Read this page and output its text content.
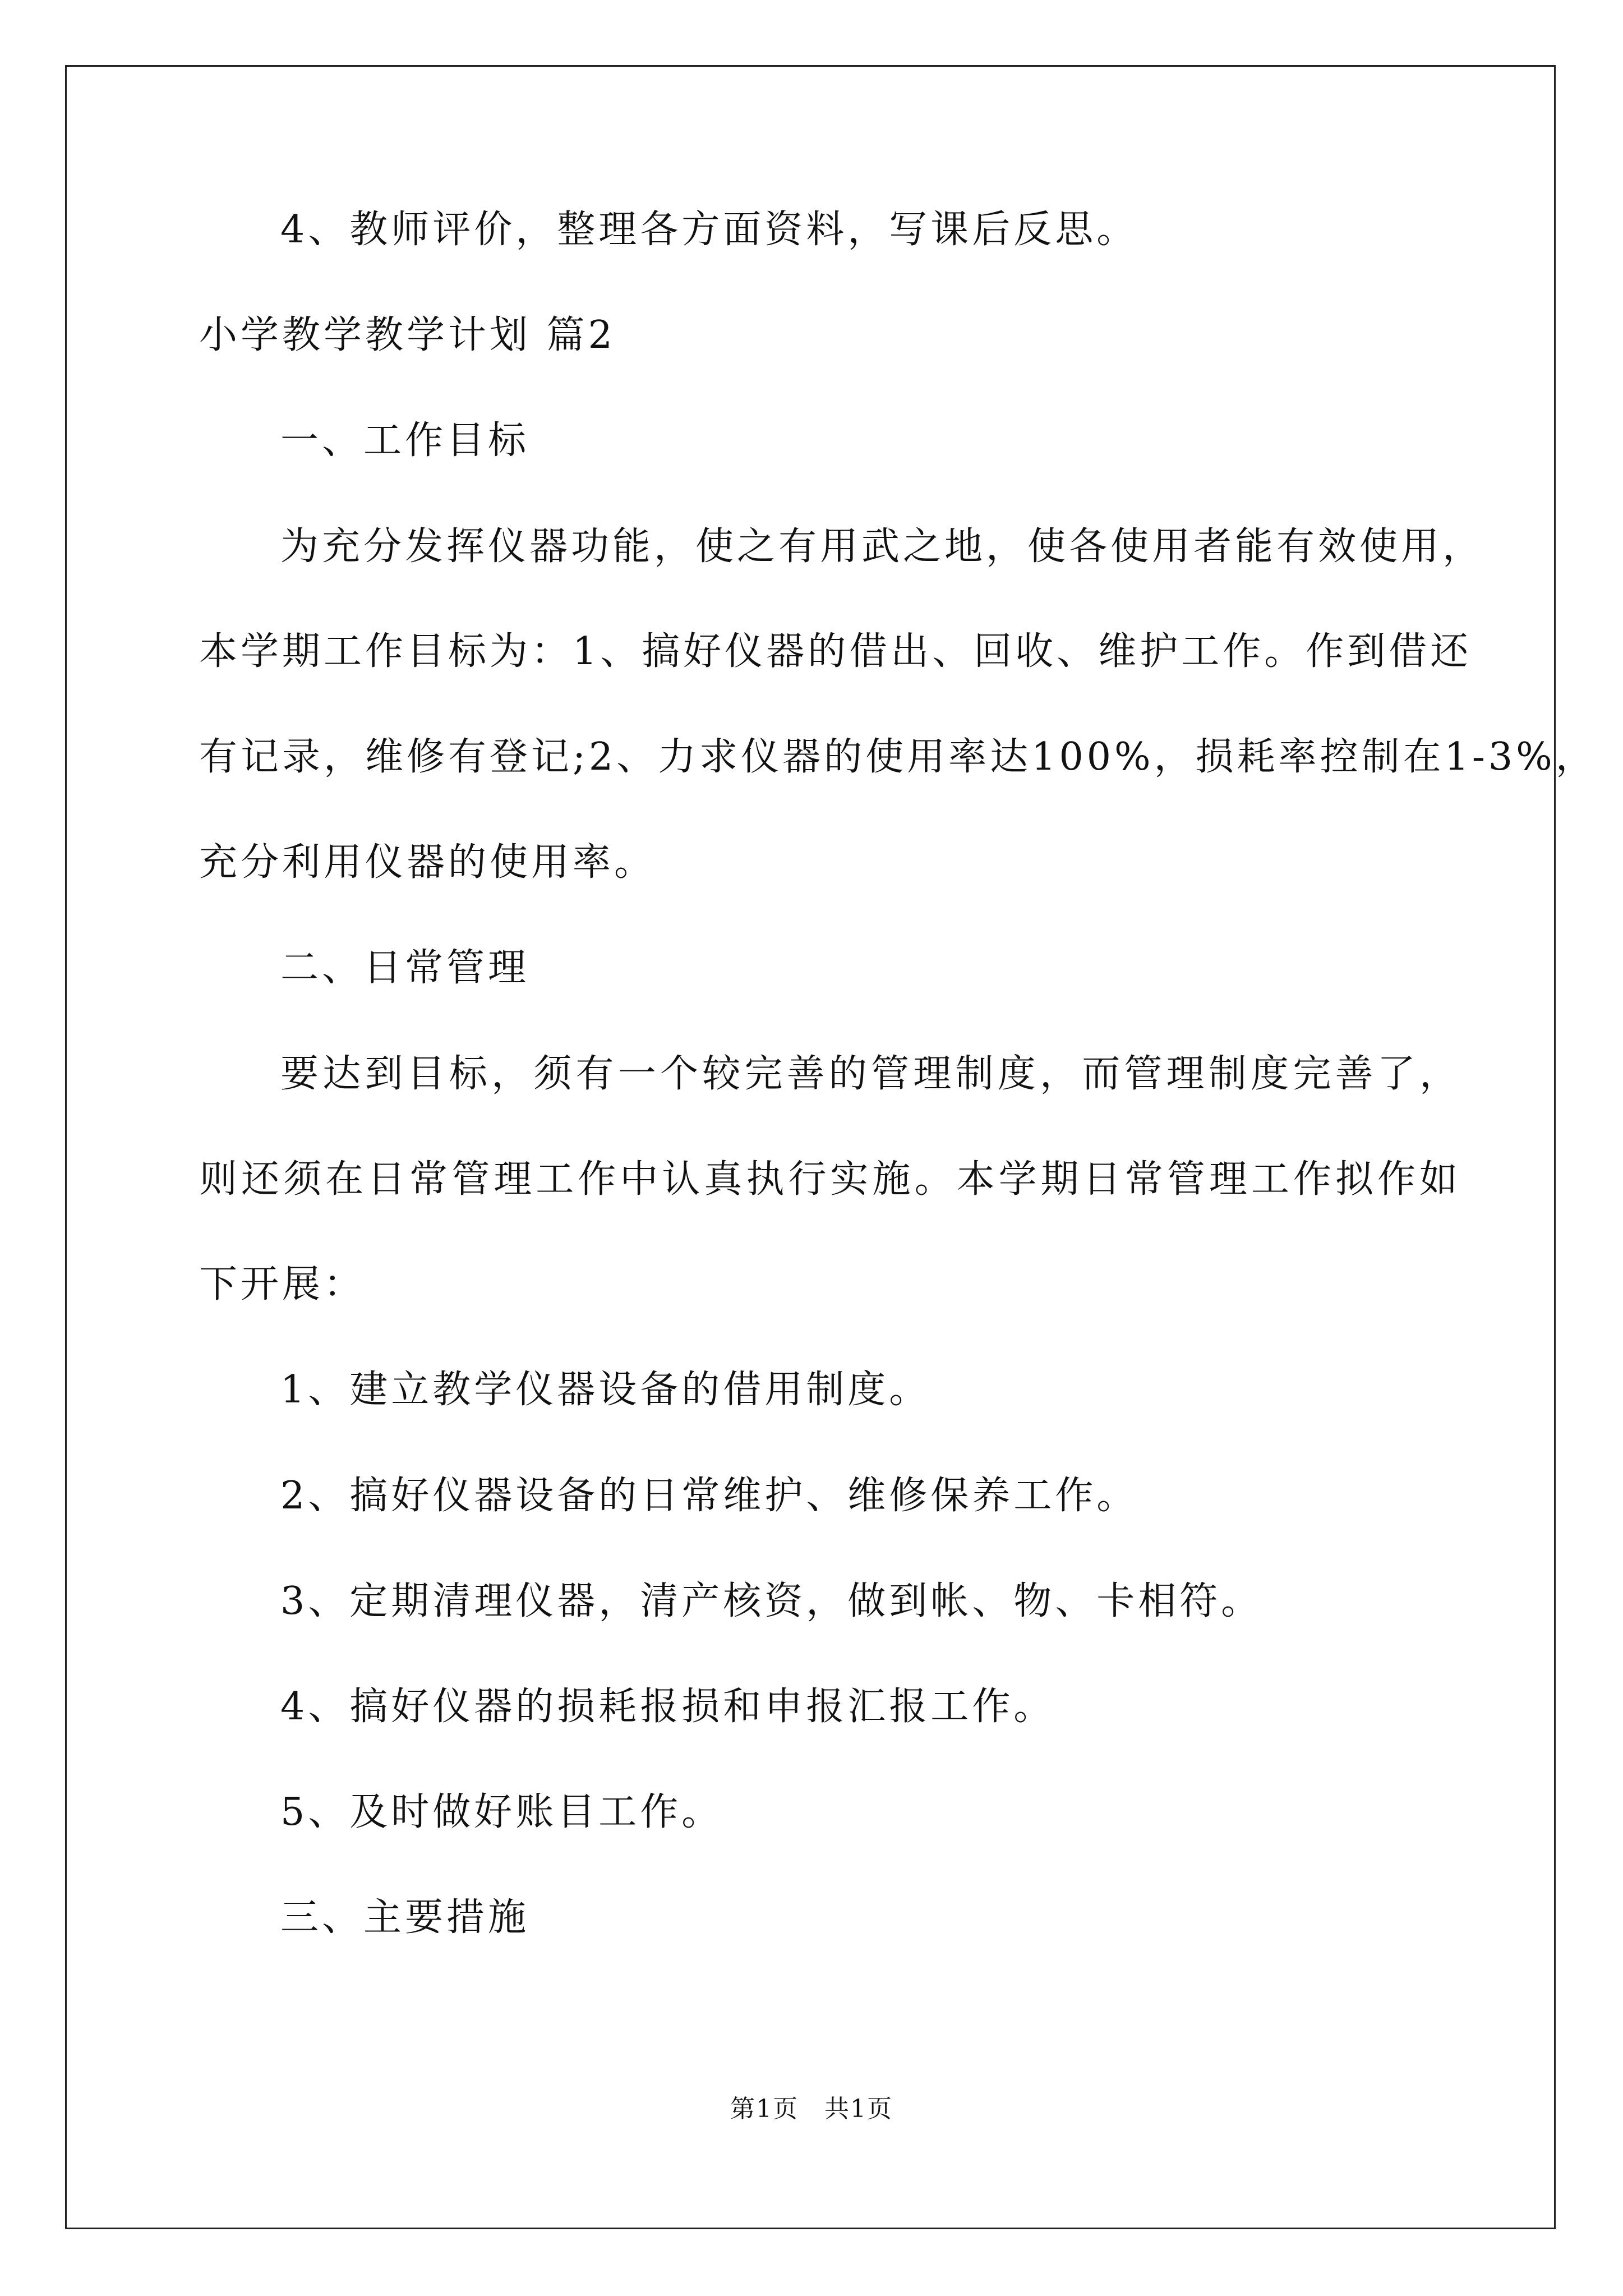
4、教师评价，整理各方面资料，写课后反思。
小学教学教学计划 篇2
一、工作目标
为充分发挥仪器功能，使之有用武之地，使各使用者能有效使用，
本学期工作目标为：1、搞好仪器的借出、回收、维护工作。作到借还
有记录，维修有登记;2、力求仪器的使用率达100%，损耗率控制在1-3%，
充分利用仪器的使用率。
二、日常管理
要达到目标，须有一个较完善的管理制度，而管理制度完善了，
则还须在日常管理工作中认真执行实施。本学期日常管理工作拟作如
下开展：
1、建立教学仪器设备的借用制度。
2、搞好仪器设备的日常维护、维修保养工作。
3、定期清理仪器，清产核资，做到帐、物、卡相符。
4、搞好仪器的损耗报损和申报汇报工作。
5、及时做好账目工作。
三、主要措施
第1页　共1页
